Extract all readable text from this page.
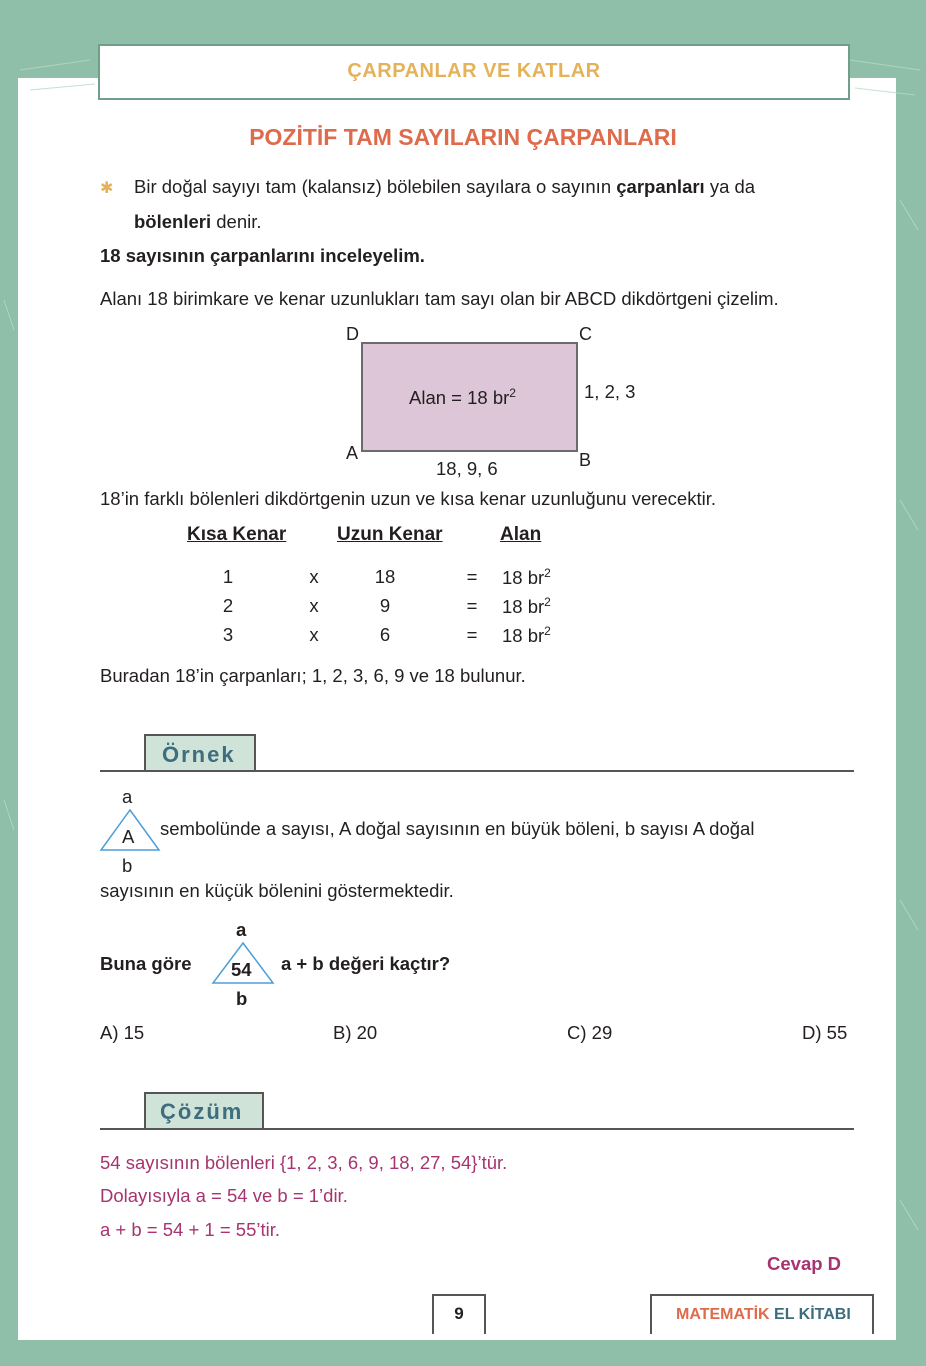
ÇARPANLAR VE KATLAR
POZİTİF TAM SAYILARIN ÇARPANLARI
✱ Bir doğal sayıyı tam (kalansız) bölebilen sayılara o sayının çarpanları ya da
bölenleri denir.
18 sayısının çarpanlarını inceleyelim.
Alanı 18 birimkare ve kenar uzunlukları tam sayı olan bir ABCD dikdörtgeni çizelim.
D	C
A	B
Alan = 18 $br^2$	1, 2, 3
18, 9, 6
18’in farklı bölenleri dikdörtgenin uzun ve kısa kenar uzunluğunu verecektir.
Kısa Kenar	Uzun Kenar	Alan
1	x	18	= 18 $br^2$
2	x	9	= 18 $br^2$
3	x	6	= 18 $br^2$
Buradan 18’in çarpanları; 1, 2, 3, 6, 9 ve 18 bulunur.
Örnek
a
A
b
sembolünde a sayısı, A doğal sayısının en büyük böleni, b sayısı A doğal
sayısının en küçük bölenini göstermektedir.
Buna göre
a
54
b
a + b değeri kaçtır?
A) 15	B) 20	C) 29	D) 55
Çözüm
54 sayısının bölenleri {1, 2, 3, 6, 9, 18, 27, 54}’tür.
Dolayısıyla a = 54 ve b = 1’dir.
a + b = 54 + 1 = 55’tir.
Cevap D
9	MATEMATİK EL KİTABI
